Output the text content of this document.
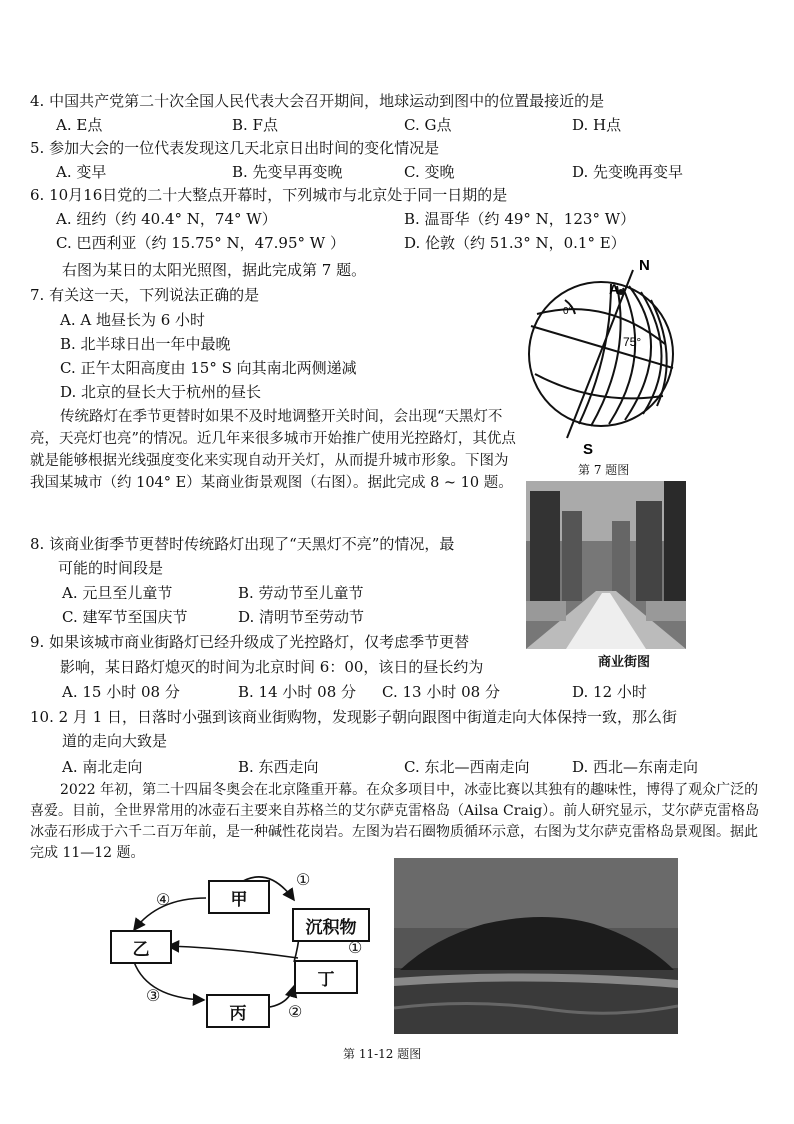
4. 中国共产党第二十次全国人民代表大会召开期间，地球运动到图中的位置最接近的是
A. E点	B. F点	C. G点	D. H点
5. 参加大会的一位代表发现这几天北京日出时间的变化情况是
A. 变早	B. 先变早再变晚	C. 变晚	D. 先变晚再变早
6. 10月16日党的二十大整点开幕时，下列城市与北京处于同一日期的是
A. 纽约（约 40.4° N，74° W）	B. 温哥华（约 49° N，123° W）
C. 巴西利亚（约 15.75° N，47.95° W ）	D. 伦敦（约 51.3° N，0.1° E）
右图为某日的太阳光照图，据此完成第 7 题。
7. 有关这一天，下列说法正确的是
A. A 地昼长为 6 小时
B. 北半球日出一年中最晚
C. 正午太阳高度由 15° S 向其南北两侧递减
D. 北京的昼长大于杭州的昼长
N
S
A
75°
0°
第 7 题图
传统路灯在季节更替时如果不及时地调整开关时间，会出现“天黑灯不亮，天亮灯也亮”的情况。近几年来很多城市开始推广使用光控路灯，其优点就是能够根据光线强度变化来实现自动开关灯，从而提升城市形象。下图为我国某城市（约 104° E）某商业街景观图（右图）。据此完成 8 ~ 10 题。
商业街图
8. 该商业街季节更替时传统路灯出现了“天黑灯不亮”的情况，最
可能的时间段是
A. 元旦至儿童节	B. 劳动节至儿童节
C. 建军节至国庆节	D. 清明节至劳动节
9. 如果该城市商业街路灯已经升级成了光控路灯，仅考虑季节更替
影响，某日路灯熄灭的时间为北京时间 6：00，该日的昼长约为
A. 15 小时 08 分	B. 14 小时 08 分 C. 13 小时 08 分	D. 12 小时
10. 2 月 1 日，日落时小强到该商业街购物，发现影子朝向跟图中街道走向大体保持一致，那么街
道的走向大致是
A. 南北走向	B. 东西走向	C. 东北—西南走向	D. 西北—东南走向
2022 年初，第二十四届冬奥会在北京隆重开幕。在众多项目中，冰壶比赛以其独有的趣味性，博得了观众广泛的喜爱。目前，全世界常用的冰壶石主要来自苏格兰的艾尔萨克雷格岛（Ailsa Craig）。前人研究显示，艾尔萨克雷格岛冰壶石形成于六千二百万年前，是一种碱性花岗岩。左图为岩石圈物质循环示意，右图为艾尔萨克雷格岛景观图。据此完成 11—12 题。
甲
沉积物
乙
丁
丙
①
①
②
③
④
第 11-12 题图
